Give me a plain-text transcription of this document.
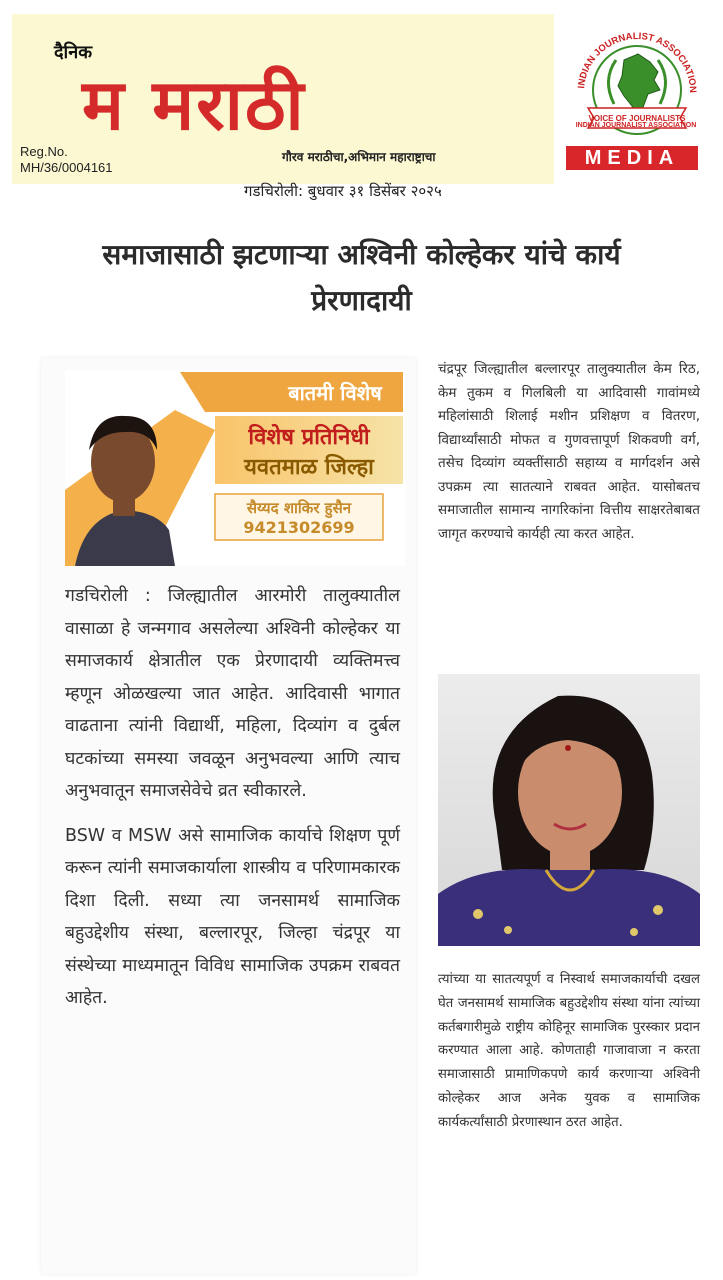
दैनिक
म मराठी
Reg.No.
MH/36/0004161
गौरव मराठीचा,अभिमान महाराष्ट्राचा
गडचिरोली: बुधवार ३१ डिसेंबर २०२५
INDIAN JOURNALIST ASSOCIATION
VOICE OF JOURNALISTS
INDIAN JOURNALIST ASSOCIATION
MEDIA
समाजासाठी झटणाऱ्या अश्विनी कोल्हेकर यांचे कार्य
प्रेरणादायी
बातमी विशेष
विशेष प्रतिनिधी
यवतमाळ जिल्हा
सैय्यद शाकिर हुसैन
9421302699

गडचिरोली : जिल्ह्यातील आरमोरी तालुक्यातील वासाळा हे जन्मगाव असलेल्या अश्विनी कोल्हेकर या समाजकार्य क्षेत्रातील एक प्रेरणादायी व्यक्तिमत्त्व म्हणून ओळखल्या जात आहेत. आदिवासी भागात वाढताना त्यांनी विद्यार्थी, महिला, दिव्यांग व दुर्बल घटकांच्या समस्या जवळून अनुभवल्या आणि त्याच अनुभवातून समाजसेवेचे व्रत स्वीकारले.

BSW व MSW असे सामाजिक कार्याचे शिक्षण पूर्ण करून त्यांनी समाजकार्याला शास्त्रीय व परिणामकारक दिशा दिली. सध्या त्या जनसामर्थ सामाजिक बहुउद्देशीय संस्था, बल्लारपूर, जिल्हा चंद्रपूर या संस्थेच्या माध्यमातून विविध सामाजिक उपक्रम राबवत आहेत.

चंद्रपूर जिल्ह्यातील बल्लारपूर तालुक्यातील केम रिठ, केम तुकम व गिलबिली या आदिवासी गावांमध्ये महिलांसाठी शिलाई मशीन प्रशिक्षण व वितरण, विद्यार्थ्यांसाठी मोफत व गुणवत्तापूर्ण शिकवणी वर्ग, तसेच दिव्यांग व्यक्तींसाठी सहाय्य व मार्गदर्शन असे उपक्रम त्या सातत्याने राबवत आहेत. यासोबतच समाजातील सामान्य नागरिकांना वित्तीय साक्षरतेबाबत जागृत करण्याचे कार्यही त्या करत आहेत.
त्यांच्या या सातत्यपूर्ण व निस्वार्थ समाजकार्याची दखल घेत जनसामर्थ सामाजिक बहुउद्देशीय संस्था यांना त्यांच्या कर्तबगारीमुळे राष्ट्रीय कोहिनूर सामाजिक पुरस्कार प्रदान करण्यात आला आहे. कोणताही गाजावाजा न करता समाजासाठी प्रामाणिकपणे कार्य करणाऱ्या अश्विनी कोल्हेकर आज अनेक युवक व सामाजिक कार्यकर्त्यांसाठी प्रेरणास्थान ठरत आहेत.
